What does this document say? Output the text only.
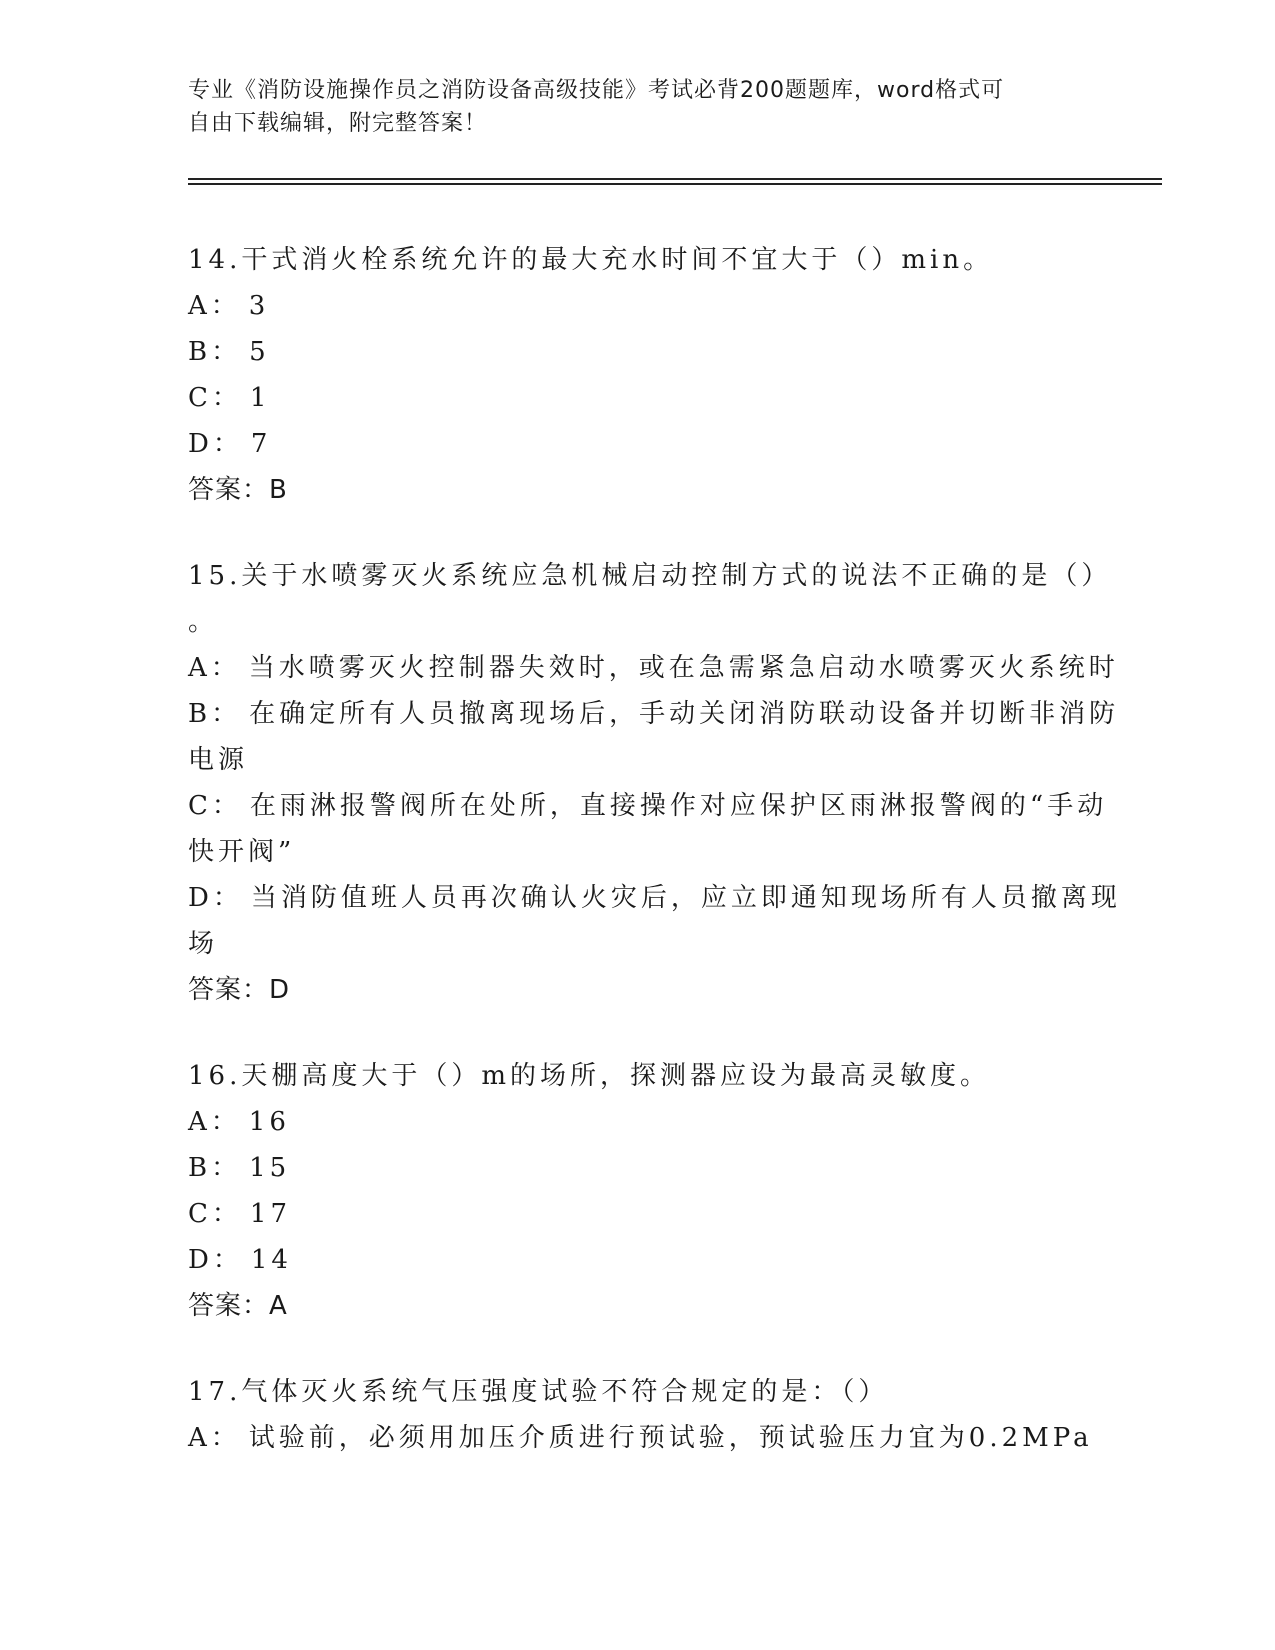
专业《消防设施操作员之消防设备高级技能》考试必背200题题库，word格式可
自由下载编辑，附完整答案！
14.干式消火栓系统允许的最大充水时间不宜大于（）min。
A： 3
B： 5
C： 1
D： 7
答案：B
15.关于水喷雾灭火系统应急机械启动控制方式的说法不正确的是（）
。
A： 当水喷雾灭火控制器失效时，或在急需紧急启动水喷雾灭火系统时
B： 在确定所有人员撤离现场后，手动关闭消防联动设备并切断非消防
电源
C： 在雨淋报警阀所在处所，直接操作对应保护区雨淋报警阀的“手动
快开阀”
D： 当消防值班人员再次确认火灾后，应立即通知现场所有人员撤离现
场
答案：D
16.天棚高度大于（）m的场所，探测器应设为最高灵敏度。
A： 16
B： 15
C： 17
D： 14
答案：A
17.气体灭火系统气压强度试验不符合规定的是：（）
A： 试验前，必须用加压介质进行预试验，预试验压力宜为0.2MPa
